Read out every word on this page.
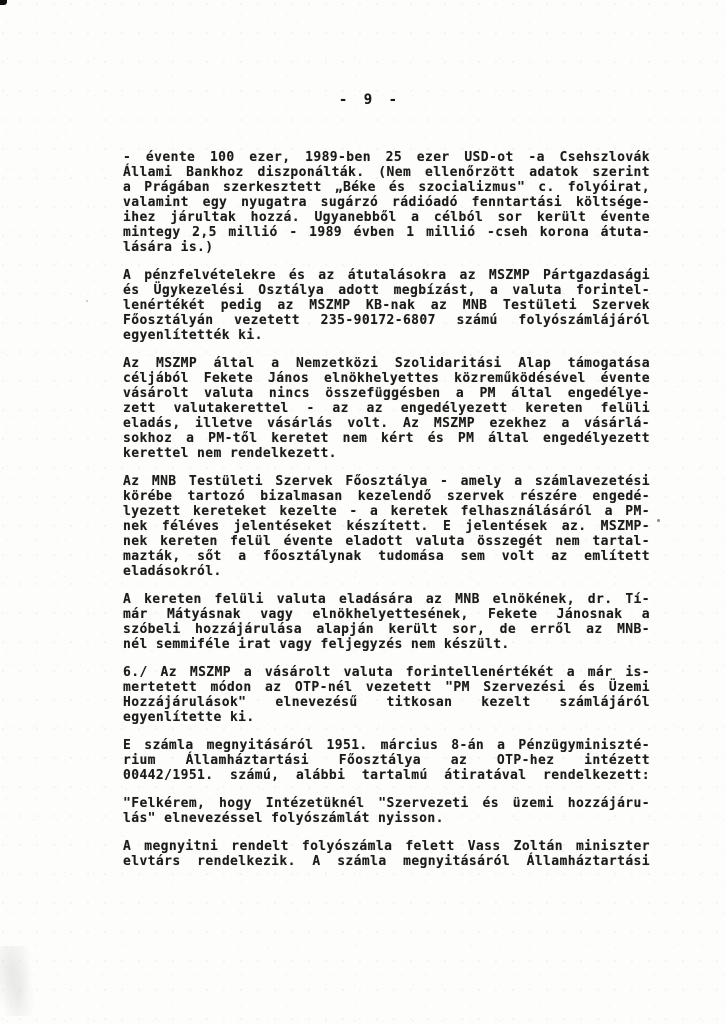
- 9 -
- évente 100 ezer, 1989-ben 25 ezer USD-ot -a Csehszlovák
Állami Bankhoz diszponálták. (Nem ellenőrzött adatok szerint
a Prágában szerkesztett „Béke és szocializmus" c. folyóirat,
valamint egy nyugatra sugárzó rádióadó fenntartási költsége-
ihez járultak hozzá. Ugyanebből a célból sor került évente
mintegy 2,5 millió - 1989 évben 1 millió -cseh korona átuta-
lására is.)
A pénzfelvételekre és az átutalásokra az MSZMP Pártgazdasági
és Ügykezelési Osztálya adott megbízást, a valuta forintel-
lenértékét pedig az MSZMP KB-nak az MNB Testületi Szervek
Főosztályán vezetett 235-90172-6807 számú folyószámlájáról
egyenlítették ki.
Az MSZMP által a Nemzetközi Szolidaritási Alap támogatása
céljából Fekete János elnökhelyettes közreműködésével évente
vásárolt valuta nincs összefüggésben a PM által engedélye-
zett valutakerettel - az az engedélyezett kereten felüli
eladás, illetve vásárlás volt. Az MSZMP ezekhez a vásárlá-
sokhoz a PM-től keretet nem kért és PM által engedélyezett
kerettel nem rendelkezett.
Az MNB Testületi Szervek Főosztálya - amely a számlavezetési
körébe tartozó bizalmasan kezelendő szervek részére engedé-
lyezett kereteket kezelte - a keretek felhasználásáról a PM-
nek féléves jelentéseket készített. E jelentések az. MSZMP-
nek kereten felül évente eladott valuta összegét nem tartal-
mazták, sőt a főosztálynak tudomása sem volt az említett
eladásokról.
A kereten felüli valuta eladására az MNB elnökének, dr. Tí-
már Mátyásnak vagy elnökhelyettesének, Fekete Jánosnak a
szóbeli hozzájárulása alapján került sor, de erről az MNB-
nél semmiféle irat vagy feljegyzés nem készült.
6./ Az MSZMP a vásárolt valuta forintellenértékét a már is-
mertetett módon az OTP-nél vezetett "PM Szervezési és Üzemi
Hozzájárulások" elnevezésű titkosan kezelt számlájáról
egyenlítette ki.
E számla megnyitásáról 1951. március 8-án a Pénzügyminiszté-
rium Államháztartási Főosztálya az OTP-hez intézett
00442/1951. számú, alábbi tartalmú átiratával rendelkezett:
"Felkérem, hogy Intézetüknél "Szervezeti és üzemi hozzájáru-
lás" elnevezéssel folyószámlát nyisson.
A megnyitni rendelt folyószámla felett Vass Zoltán miniszter
elvtárs rendelkezik. A számla megnyitásáról Államháztartási
